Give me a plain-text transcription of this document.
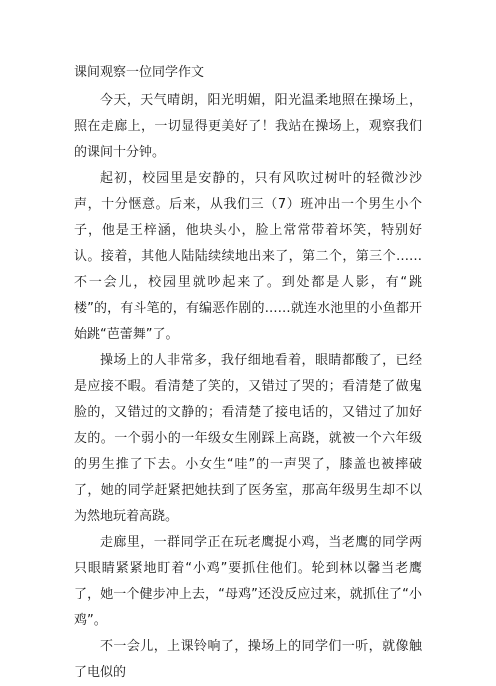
课间观察一位同学作文

今天，天气晴朗，阳光明媚，阳光温柔地照在操场上，照在走廊上，一切显得更美好了！我站在操场上，观察我们的课间十分钟。

起初，校园里是安静的，只有风吹过树叶的轻微沙沙声，十分惬意。后来，从我们三（7）班冲出一个男生小个子，他是王梓涵，他块头小，脸上常常带着坏笑，特别好认。接着，其他人陆陆续续地出来了，第二个，第三个……不一会儿，校园里就吵起来了。到处都是人影，有“跳楼”的，有斗笔的，有编恶作剧的……就连水池里的小鱼都开始跳“芭蕾舞”了。

操场上的人非常多，我仔细地看着，眼睛都酸了，已经是应接不暇。看清楚了笑的，又错过了哭的；看清楚了做鬼脸的，又错过的文静的；看清楚了接电话的，又错过了加好友的。一个弱小的一年级女生刚踩上高跷，就被一个六年级的男生推了下去。小女生“哇”的一声哭了，膝盖也被摔破了，她的同学赶紧把她扶到了医务室，那高年级男生却不以为然地玩着高跷。

走廊里，一群同学正在玩老鹰捉小鸡，当老鹰的同学两只眼睛紧紧地盯着“小鸡”要抓住他们。轮到林以馨当老鹰了，她一个健步冲上去，“母鸡”还没反应过来，就抓住了“小鸡”。

不一会儿，上课铃响了，操场上的同学们一听，就像触了电似的
